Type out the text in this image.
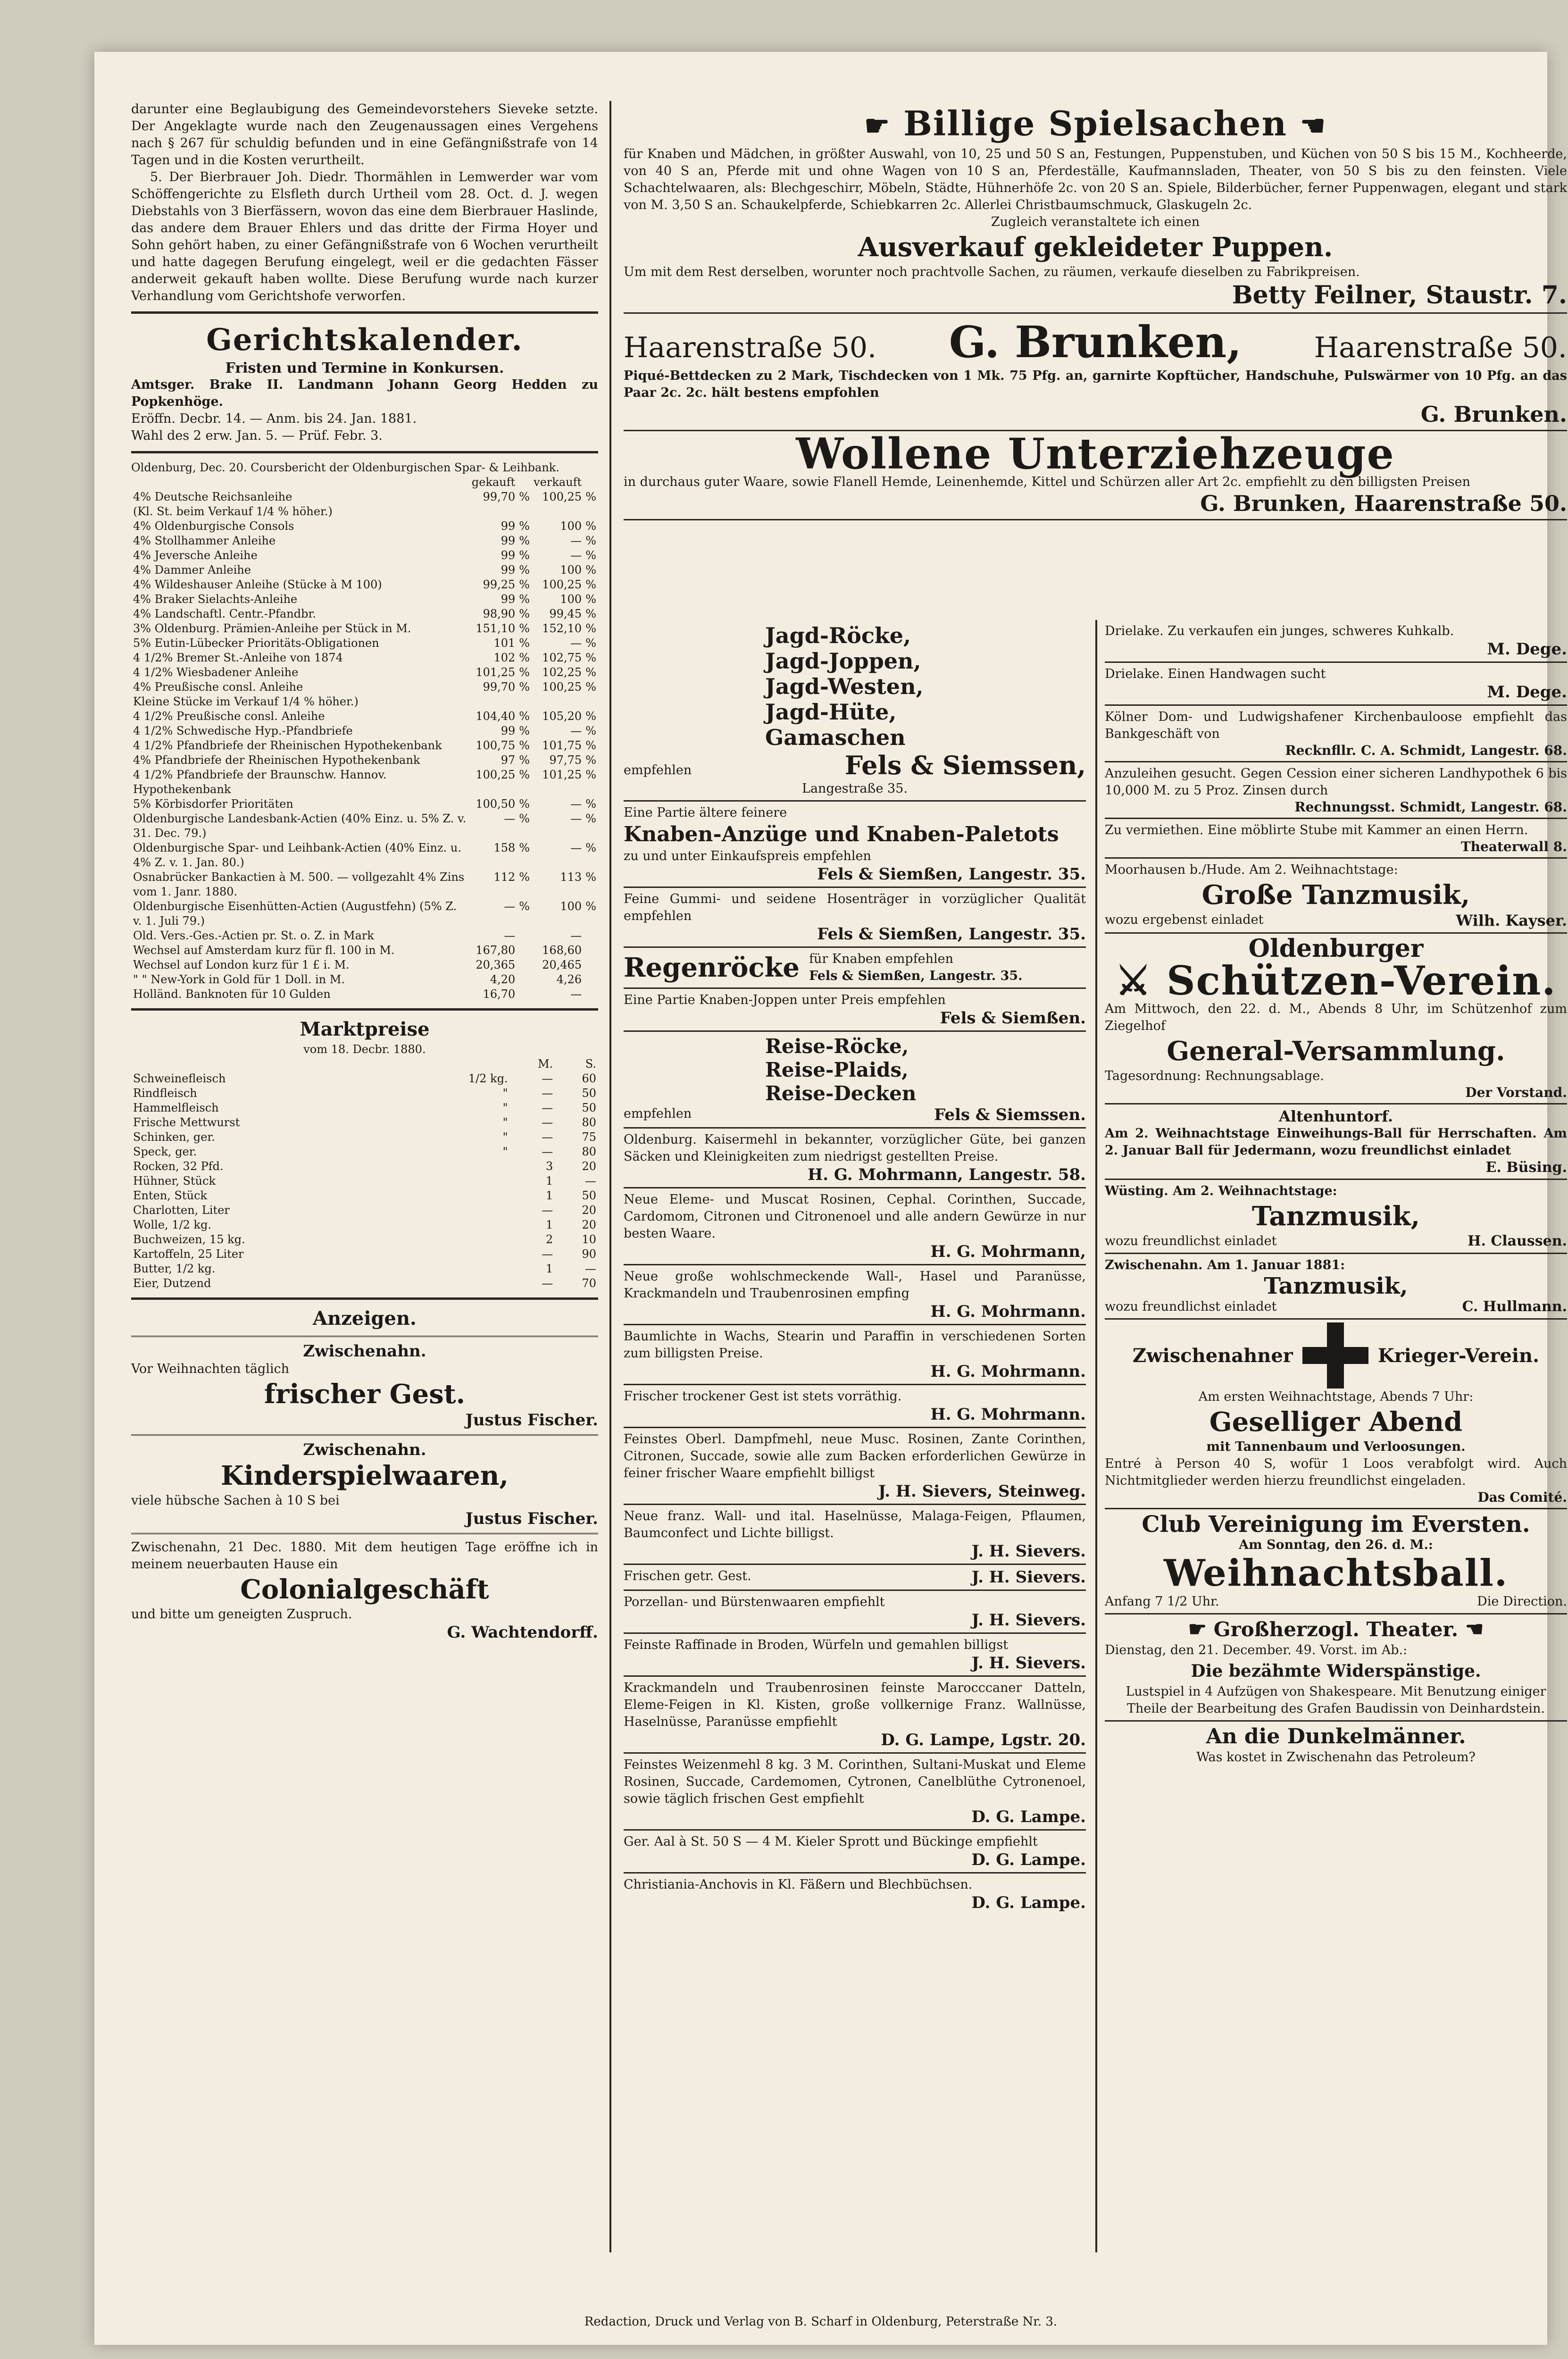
darunter eine Beglaubigung des Gemeindevorstehers Sieveke setzte. Der Angeklagte wurde nach den Zeugenaussagen eines Vergehens nach § 267 für schuldig befunden und in eine Gefängnißstrafe von 14 Tagen und in die Kosten verurtheilt.

5. Der Bierbrauer Joh. Diedr. Thormählen in Lemwerder war vom Schöffengerichte zu Elsfleth durch Urtheil vom 28. Oct. d. J. wegen Diebstahls von 3 Bierfässern, wovon das eine dem Bierbrauer Haslinde, das andere dem Brauer Ehlers und das dritte der Firma Hoyer und Sohn gehört haben, zu einer Gefängnißstrafe von 6 Wochen verurtheilt und hatte dagegen Berufung eingelegt, weil er die gedachten Fässer anderweit gekauft haben wollte. Diese Berufung wurde nach kurzer Verhandlung vom Gerichtshofe verworfen.

Gerichtskalender.
Fristen und Termine in Konkursen.

Amtsger. Brake II. Landmann Johann Georg Hedden zu Popkenhöge.

Eröffn. Decbr. 14. — Anm. bis 24. Jan. 1881.

Wahl des 2 erw. Jan. 5. — Prüf. Febr. 3.

Oldenburg, Dec. 20. Coursbericht der Oldenburgischen Spar- & Leihbank.

	gekauft		verkauft	
4% Deutsche Reichsanleihe	99,70	%	100,25	%
(Kl. St. beim Verkauf 1/4 % höher.)				
4% Oldenburgische Consols	99	%	100	%
4% Stollhammer Anleihe	99	%	—	%
4% Jeversche Anleihe	99	%	—	%
4% Dammer Anleihe	99	%	100	%
4% Wildeshauser Anleihe (Stücke à M 100)	99,25	%	100,25	%
4% Braker Sielachts-Anleihe	99	%	100	%
4% Landschaftl. Centr.-Pfandbr.	98,90	%	99,45	%
3% Oldenburg. Prämien-Anleihe per Stück in M.	151,10	%	152,10	%
5% Eutin-Lübecker Prioritäts-Obligationen	101	%	—	%
4 1/2% Bremer St.-Anleihe von 1874	102	%	102,75	%
4 1/2% Wiesbadener Anleihe	101,25	%	102,25	%
4% Preußische consl. Anleihe	99,70	%	100,25	%
Kleine Stücke im Verkauf 1/4 % höher.)				
4 1/2% Preußische consl. Anleihe	104,40	%	105,20	%
4 1/2% Schwedische Hyp.-Pfandbriefe	99	%	—	%
4 1/2% Pfandbriefe der Rheinischen Hypothekenbank	100,75	%	101,75	%
4% Pfandbriefe der Rheinischen Hypothekenbank	97	%	97,75	%
4 1/2% Pfandbriefe der Braunschw. Hannov. Hypothekenbank	100,25	%	101,25	%
5% Körbisdorfer Prioritäten	100,50	%	—	%
Oldenburgische Landesbank-Actien (40% Einz. u. 5% Z. v. 31. Dec. 79.)	—	%	—	%
Oldenburgische Spar- und Leihbank-Actien (40% Einz. u. 4% Z. v. 1. Jan. 80.)	158	%	—	%
Osnabrücker Bankactien à M. 500. — vollgezahlt 4% Zins vom 1. Janr. 1880.	112	%	113	%
Oldenburgische Eisenhütten-Actien (Augustfehn) (5% Z. v. 1. Juli 79.)	—	%	100	%
Old. Vers.-Ges.-Actien pr. St. o. Z. in Mark	—		—	
Wechsel auf Amsterdam kurz für fl. 100 in M.	167,80		168,60	
Wechsel auf London kurz für 1 £ i. M.	20,365		20,465	
" " New-York in Gold für 1 Doll. in M.	4,20		4,26	
Holländ. Banknoten für 10 Gulden	16,70		—	
Marktpreise
vom 18. Decbr. 1880.
		M.	S.
Schweinefleisch	1/2 kg.	—	60
Rindfleisch	"	—	50
Hammelfleisch	"	—	50
Frische Mettwurst	"	—	80
Schinken, ger.	"	—	75
Speck, ger.	"	—	80
Rocken, 32 Pfd.		3	20
Hühner, Stück		1	—
Enten, Stück		1	50
Charlotten, Liter		—	20
Wolle, 1/2 kg.		1	20
Buchweizen, 15 kg.		2	10
Kartoffeln, 25 Liter		—	90
Butter, 1/2 kg.		1	—
Eier, Dutzend		—	70
Anzeigen.
Zwischenahn.

Vor Weihnachten täglich

frischer Gest.
Justus Fischer.
Zwischenahn.
Kinderspielwaaren,

viele hübsche Sachen à 10 S bei

Justus Fischer.

Zwischenahn, 21 Dec. 1880. Mit dem heutigen Tage eröffne ich in meinem neuerbauten Hause ein

Colonialgeschäft

und bitte um geneigten Zuspruch.

G. Wachtendorff.
☛ Billige Spielsachen ☚

für Knaben und Mädchen, in größter Auswahl, von 10, 25 und 50 S an, Festungen, Puppenstuben, und Küchen von 50 S bis 15 M., Kochheerde, von 40 S an, Pferde mit und ohne Wagen von 10 S an, Pferdeställe, Kaufmannsladen, Theater, von 50 S bis zu den feinsten. Viele Schachtelwaaren, als: Blechgeschirr, Möbeln, Städte, Hühnerhöfe 2c. von 20 S an. Spiele, Bilderbücher, ferner Puppenwagen, elegant und stark von M. 3,50 S an. Schaukelpferde, Schiebkarren 2c. Allerlei Christbaumschmuck, Glaskugeln 2c.

Zugleich veranstaltete ich einen

Ausverkauf gekleideter Puppen.

Um mit dem Rest derselben, worunter noch prachtvolle Sachen, zu räumen, verkaufe dieselben zu Fabrikpreisen.

Betty Feilner, Staustr. 7.
Haarenstraße 50. G. Brunken,	Haarenstraße 50.

Piqué-Bettdecken zu 2 Mark, Tischdecken von 1 Mk. 75 Pfg. an, garnirte Kopftücher, Handschuhe, Pulswärmer von 10 Pfg. an das Paar 2c. 2c. hält bestens empfohlen

G. Brunken.
Wollene Unterziehzeuge

in durchaus guter Waare, sowie Flanell Hemde, Leinenhemde, Kittel und Schürzen aller Art 2c. empfiehlt zu den billigsten Preisen

G. Brunken, Haarenstraße 50.
Jagd-Röcke,
Jagd-Joppen,
Jagd-Westen,
Jagd-Hüte,
Gamaschen
empfehlen	Fels & Siemssen,

Langestraße 35.

Eine Partie ältere feinere

Knaben-Anzüge und Knaben-Paletots

zu und unter Einkaufspreis empfehlen

Fels & Siemßen, Langestr. 35.

Feine Gummi- und seidene Hosenträger in vorzüglicher Qualität empfehlen

Fels & Siemßen, Langestr. 35.
Regenröcke für Knaben empfehlen

Fels & Siemßen, Langestr. 35.

Eine Partie Knaben-Joppen unter Preis empfehlen

Fels & Siemßen.
Reise-Röcke,
Reise-Plaids,
Reise-Decken
empfehlen	Fels & Siemssen.

Oldenburg. Kaisermehl in bekannter, vorzüglicher Güte, bei ganzen Säcken und Kleinigkeiten zum niedrigst gestellten Preise.

H. G. Mohrmann, Langestr. 58.

Neue Eleme- und Muscat Rosinen, Cephal. Corinthen, Succade, Cardomom, Citronen und Citronenoel und alle andern Gewürze in nur besten Waare.

H. G. Mohrmann,

Neue große wohlschmeckende Wall-, Hasel und Paranüsse, Krackmandeln und Traubenrosinen empfing

H. G. Mohrmann.

Baumlichte in Wachs, Stearin und Paraffin in verschiedenen Sorten zum billigsten Preise.

H. G. Mohrmann.

Frischer trockener Gest ist stets vorräthig.

H. G. Mohrmann.

Feinstes Oberl. Dampfmehl, neue Musc. Rosinen, Zante Corinthen, Citronen, Succade, sowie alle zum Backen erforderlichen Gewürze in feiner frischer Waare empfiehlt billigst

J. H. Sievers, Steinweg.

Neue franz. Wall- und ital. Haselnüsse, Malaga-Feigen, Pflaumen, Baumconfect und Lichte billigst.

J. H. Sievers.
Frischen getr. Gest.	J. H. Sievers.

Porzellan- und Bürstenwaaren empfiehlt

J. H. Sievers.

Feinste Raffinade in Broden, Würfeln und gemahlen billigst

J. H. Sievers.

Krackmandeln und Traubenrosinen feinste Marocccaner Datteln, Eleme-Feigen in Kl. Kisten, große vollkernige Franz. Wallnüsse, Haselnüsse, Paranüsse empfiehlt

D. G. Lampe, Lgstr. 20.

Feinstes Weizenmehl 8 kg. 3 M. Corinthen, Sultani-Muskat und Eleme Rosinen, Succade, Cardemomen, Cytronen, Canelblüthe Cytronenoel, sowie täglich frischen Gest empfiehlt

D. G. Lampe.

Ger. Aal à St. 50 S — 4 M. Kieler Sprott und Bückinge empfiehlt

D. G. Lampe.

Christiania-Anchovis in Kl. Fäßern und Blechbüchsen.

D. G. Lampe.

Drielake. Zu verkaufen ein junges, schweres Kuhkalb.

M. Dege.

Drielake. Einen Handwagen sucht

M. Dege.

Kölner Dom- und Ludwigshafener Kirchenbauloose empfiehlt das Bankgeschäft von

Recknfllr. C. A. Schmidt, Langestr. 68.

Anzuleihen gesucht. Gegen Cession einer sicheren Landhypothek 6 bis 10,000 M. zu 5 Proz. Zinsen durch

Rechnungsst. Schmidt, Langestr. 68.

Zu vermiethen. Eine möblirte Stube mit Kammer an einen Herrn.

Theaterwall 8.

Moorhausen b./Hude. Am 2. Weihnachtstage:

Große Tanzmusik,
wozu ergebenst einladet	Wilh. Kayser.
Oldenburger
⚔ Schützen-Verein.

Am Mittwoch, den 22. d. M., Abends 8 Uhr, im Schützenhof zum Ziegelhof

General-Versammlung.

Tagesordnung: Rechnungsablage.

Der Vorstand.
Altenhuntorf.

Am 2. Weihnachtstage Einweihungs-Ball für Herrschaften. Am 2. Januar Ball für Jedermann, wozu freundlichst einladet

E. Büsing.

Wüsting. Am 2. Weihnachtstage:

Tanzmusik,
wozu freundlichst einladet	H. Claussen.

Zwischenahn. Am 1. Januar 1881:

Tanzmusik,
wozu freundlichst einladet	C. Hullmann.
Zwischenahner	Krieger-Verein.

Am ersten Weihnachtstage, Abends 7 Uhr:

Geselliger Abend

mit Tannenbaum und Verloosungen.

Entré à Person 40 S, wofür 1 Loos verabfolgt wird. Auch Nichtmitglieder werden hierzu freundlichst eingeladen.

Das Comité.
Club Vereinigung im Eversten.

Am Sonntag, den 26. d. M.:

Weihnachtsball.
Anfang 7 1/2 Uhr.	Die Direction.
☛ Großherzogl. Theater. ☚

Dienstag, den 21. December. 49. Vorst. im Ab.:

Die bezähmte Widerspänstige.

Lustspiel in 4 Aufzügen von Shakespeare. Mit Benutzung einiger Theile der Bearbeitung des Grafen Baudissin von Deinhardstein.

An die Dunkelmänner.

Was kostet in Zwischenahn das Petroleum?

Redaction, Druck und Verlag von B. Scharf in Oldenburg, Peterstraße Nr. 3.
